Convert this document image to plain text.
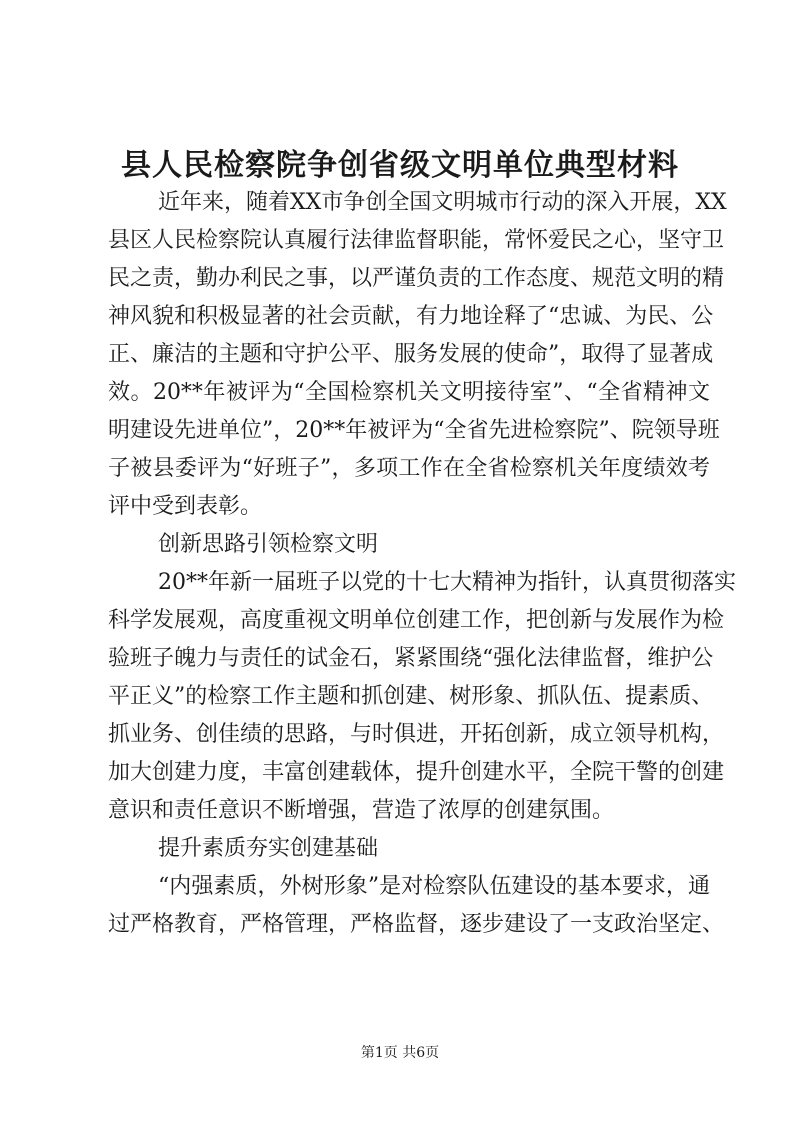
县人民检察院争创省级文明单位典型材料
近年来，随着XX市争创全国文明城市行动的深入开展，XX
县区人民检察院认真履行法律监督职能，常怀爱民之心，坚守卫
民之责，勤办利民之事，以严谨负责的工作态度、规范文明的精
神风貌和积极显著的社会贡献，有力地诠释了“忠诚、为民、公
正、廉洁的主题和守护公平、服务发展的使命”，取得了显著成
效。20**年被评为“全国检察机关文明接待室”、“全省精神文
明建设先进单位”，20**年被评为“全省先进检察院”、院领导班
子被县委评为“好班子”，多项工作在全省检察机关年度绩效考
评中受到表彰。
创新思路引领检察文明
20**年新一届班子以党的十七大精神为指针，认真贯彻落实
科学发展观，高度重视文明单位创建工作，把创新与发展作为检
验班子魄力与责任的试金石，紧紧围绕“强化法律监督，维护公
平正义”的检察工作主题和抓创建、树形象、抓队伍、提素质、
抓业务、创佳绩的思路，与时俱进，开拓创新，成立领导机构，
加大创建力度，丰富创建载体，提升创建水平，全院干警的创建
意识和责任意识不断增强，营造了浓厚的创建氛围。
提升素质夯实创建基础
“内强素质，外树形象”是对检察队伍建设的基本要求，通
过严格教育，严格管理，严格监督，逐步建设了一支政治坚定、
第1页 共6页
